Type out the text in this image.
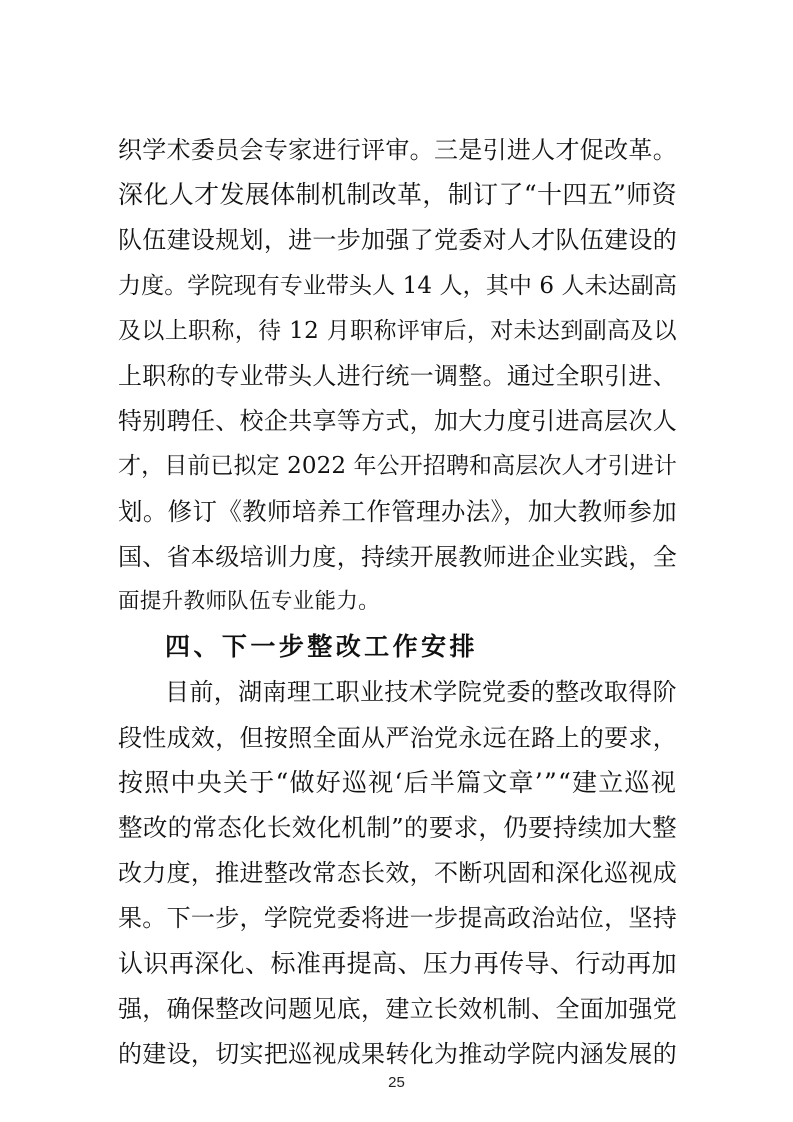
织学术委员会专家进行评审。三是引进人才促改革。
深化人才发展体制机制改革，制订了“十四五”师资
队伍建设规划，进一步加强了党委对人才队伍建设的
力度。学院现有专业带头人 14 人，其中 6 人未达副高
及以上职称，待 12 月职称评审后，对未达到副高及以
上职称的专业带头人进行统一调整。通过全职引进、
特别聘任、校企共享等方式，加大力度引进高层次人
才，目前已拟定 2022 年公开招聘和高层次人才引进计
划。修订《教师培养工作管理办法》，加大教师参加
国、省本级培训力度，持续开展教师进企业实践，全
面提升教师队伍专业能力。
四、下一步整改工作安排
目前，湖南理工职业技术学院党委的整改取得阶
段性成效，但按照全面从严治党永远在路上的要求，
按照中央关于“做好巡视‘后半篇文章’”“建立巡视
整改的常态化长效化机制”的要求，仍要持续加大整
改力度，推进整改常态长效，不断巩固和深化巡视成
果。下一步，学院党委将进一步提高政治站位，坚持
认识再深化、标准再提高、压力再传导、行动再加
强，确保整改问题见底，建立长效机制、全面加强党
的建设，切实把巡视成果转化为推动学院内涵发展的
25
